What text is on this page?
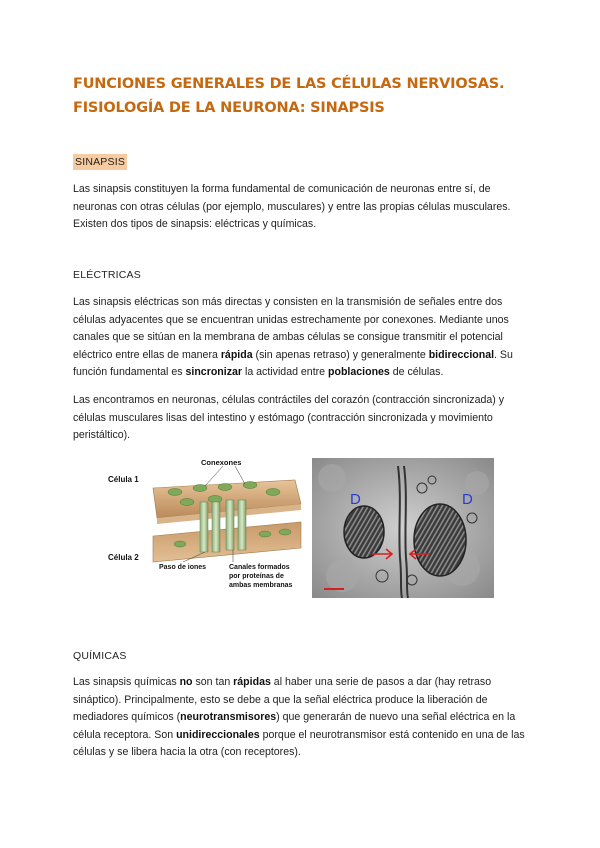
FUNCIONES GENERALES DE LAS CÉLULAS NERVIOSAS. FISIOLOGÍA DE LA NEURONA: SINAPSIS
SINAPSIS

Las sinapsis constituyen la forma fundamental de comunicación de neuronas entre sí, de neuronas con otras células (por ejemplo, musculares) y entre las propias células musculares. Existen dos tipos de sinapsis: eléctricas y químicas.

ELÉCTRICAS

Las sinapsis eléctricas son más directas y consisten en la transmisión de señales entre dos células adyacentes que se encuentran unidas estrechamente por conexones. Mediante unos canales que se sitúan en la membrana de ambas células se consigue transmitir el potencial eléctrico entre ellas de manera rápida (sin apenas retraso) y generalmente bidireccional. Su función fundamental es sincronizar la actividad entre poblaciones de células.

Las encontramos en neuronas, células contráctiles del corazón (contracción sincronizada) y células musculares lisas del intestino y estómago (contracción sincronizada y movimiento peristáltico).

Conexones
Célula 1
Célula 2
Paso de iones	Canales formados
por proteínas de
ambas membranas
D	D
QUÍMICAS

Las sinapsis químicas no son tan rápidas al haber una serie de pasos a dar (hay retraso sináptico). Principalmente, esto se debe a que la señal eléctrica produce la liberación de mediadores químicos (neurotransmisores) que generarán de nuevo una señal eléctrica en la célula receptora. Son unidireccionales porque el neurotransmisor está contenido en una de las células y se libera hacia la otra (con receptores).
